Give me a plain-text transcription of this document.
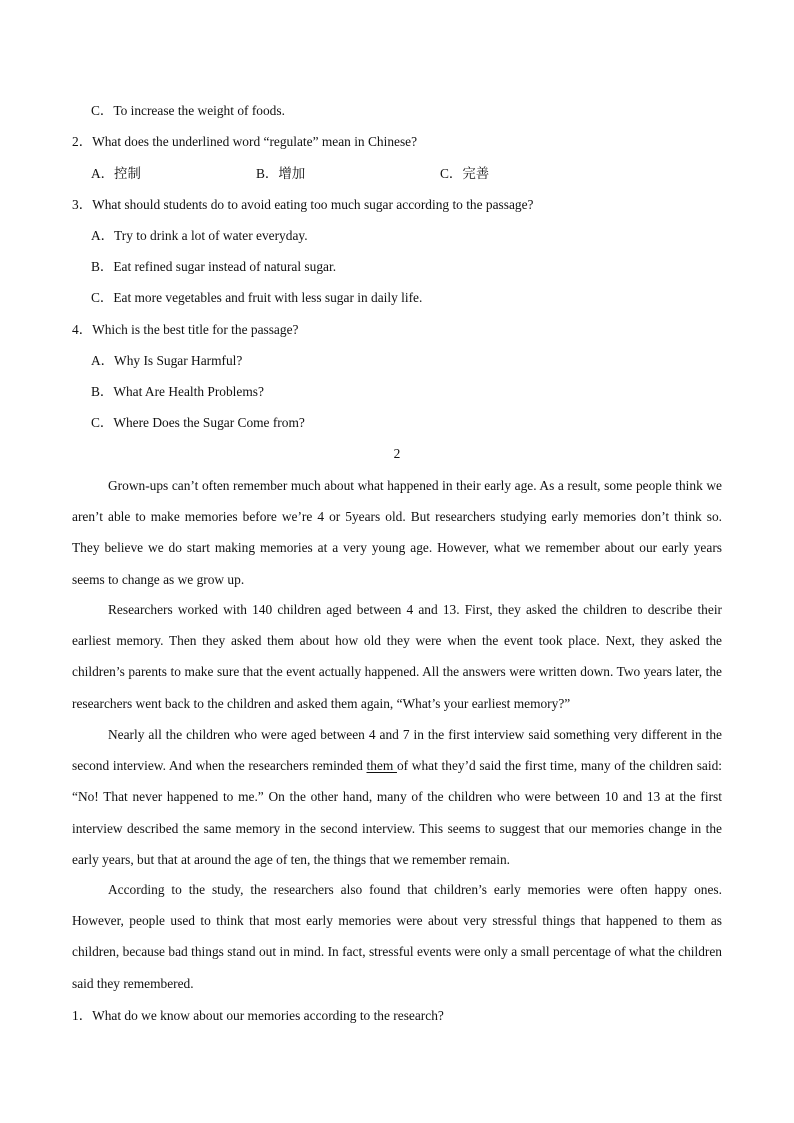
C．To increase the weight of foods.
2．What does the underlined word “regulate” mean in Chinese?
A．控制	B．增加	C．完善
3．What should students do to avoid eating too much sugar according to the passage?
A．Try to drink a lot of water everyday.
B．Eat refined sugar instead of natural sugar.
C．Eat more vegetables and fruit with less sugar in daily life.
4．Which is the best title for the passage?
A．Why Is Sugar Harmful?
B．What Are Health Problems?
C．Where Does the Sugar Come from?
2
Grown-ups can’t often remember much about what happened in their early age. As a result, some people think we aren’t able to make memories before we’re 4 or 5years old. But researchers studying early memories don’t think so. They believe we do start making memories at a very young age. However, what we remember about our early years seems to change as we grow up.
Researchers worked with 140 children aged between 4 and 13. First, they asked the children to describe their earliest memory. Then they asked them about how old they were when the event took place. Next, they asked the children’s parents to make sure that the event actually happened. All the answers were written down. Two years later, the researchers went back to the children and asked them again, “What’s your earliest memory?”
Nearly all the children who were aged between 4 and 7 in the first interview said something very different in the second interview. And when the researchers reminded them of what they’d said the first time, many of the children said: “No! That never happened to me.” On the other hand, many of the children who were between 10 and 13 at the first interview described the same memory in the second interview. This seems to suggest that our memories change in the early years, but that at around the age of ten, the things that we remember remain.
According to the study, the researchers also found that children’s early memories were often happy ones. However, people used to think that most early memories were about very stressful things that happened to them as children, because bad things stand out in mind. In fact, stressful events were only a small percentage of what the children said they remembered.
1．What do we know about our memories according to the research?
